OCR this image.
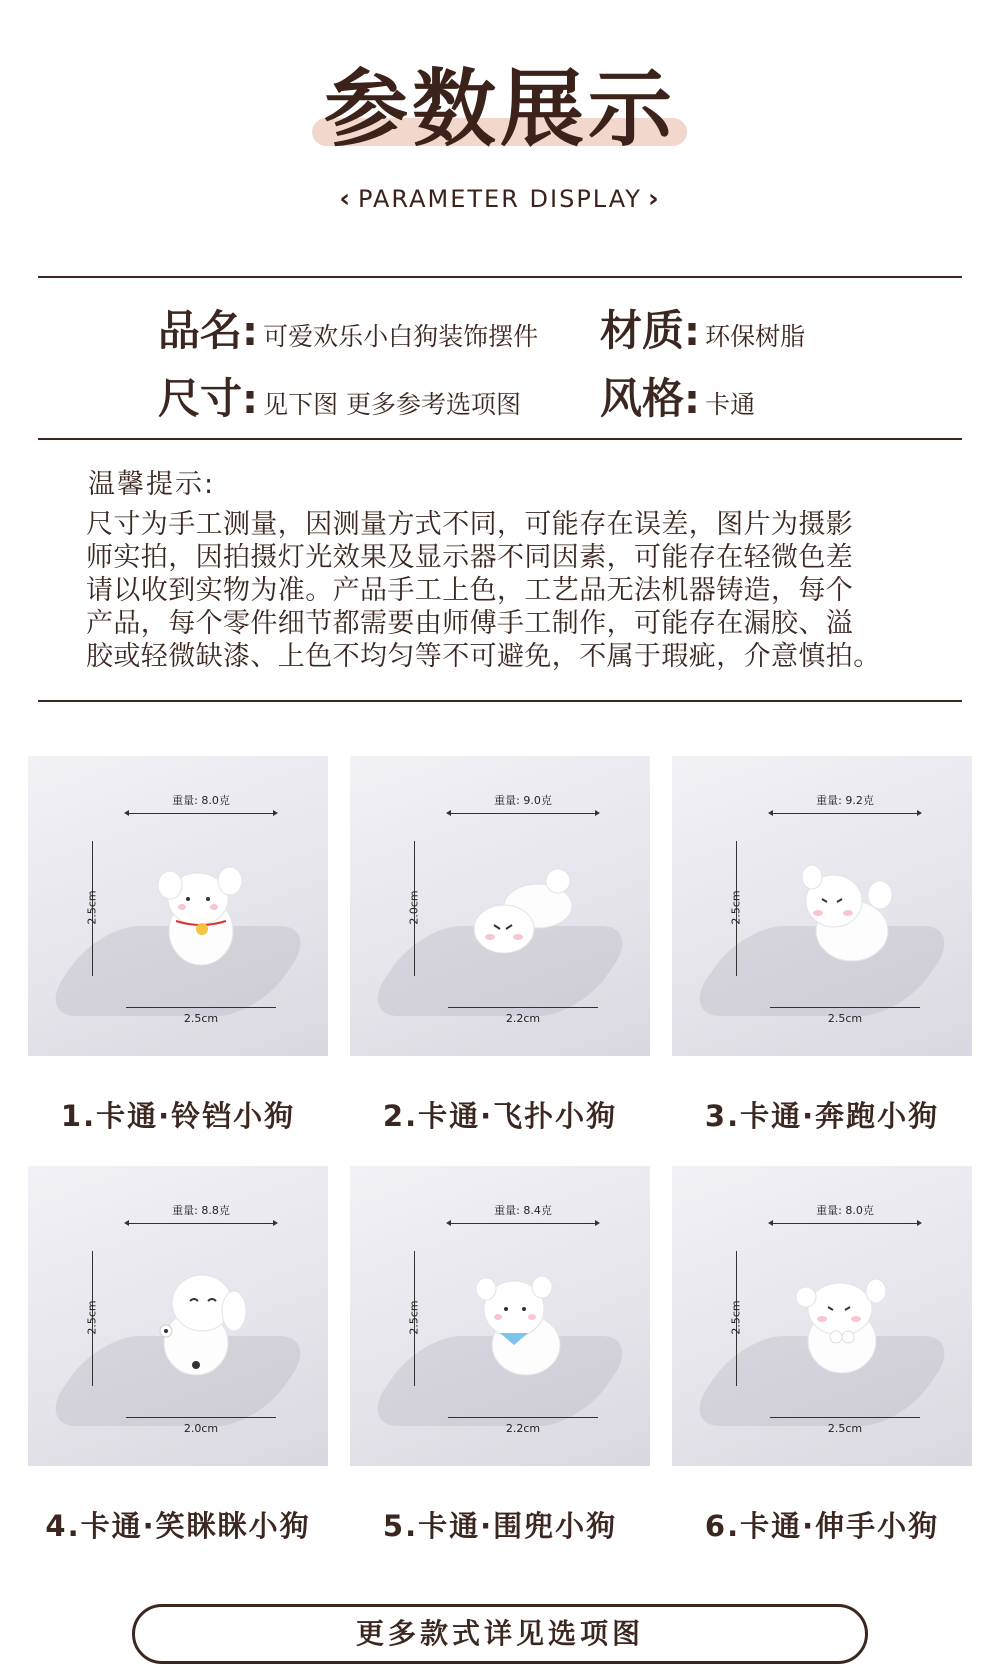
参数展示
‹ PARAMETER DISPLAY ›
品名: 可爱欢乐小白狗装饰摆件 材质: 环保树脂
尺寸: 见下图 更多参考选项图 风格: 卡通
温馨提示:
尺寸为手工测量，因测量方式不同，可能存在误差，图片为摄影
师实拍，因拍摄灯光效果及显示器不同因素，可能存在轻微色差
请以收到实物为准。产品手工上色，工艺品无法机器铸造，每个
产品，每个零件细节都需要由师傅手工制作，可能存在漏胶、溢
胶或轻微缺漆、上色不均匀等不可避免，不属于瑕疵，介意慎拍。
重量: 8.0克
2.5cm
2.5cm
重量: 9.0克
2.0cm
2.2cm
重量: 9.2克
2.5cm
2.5cm
1.卡通·铃铛小狗	2.卡通·飞扑小狗	3.卡通·奔跑小狗
重量: 8.8克
2.5cm
2.0cm
重量: 8.4克
2.5cm
2.2cm
重量: 8.0克
2.5cm
2.5cm
4.卡通·笑眯眯小狗	5.卡通·围兜小狗	6.卡通·伸手小狗
更多款式详见选项图
